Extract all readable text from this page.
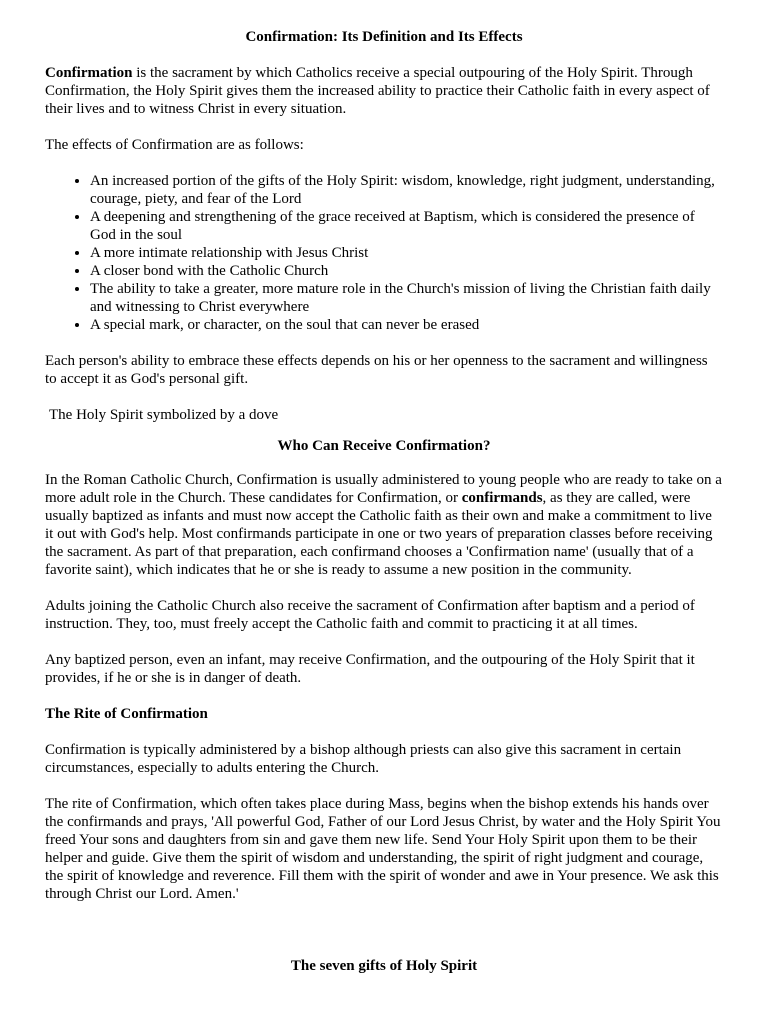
Confirmation: Its Definition and Its Effects

Confirmation is the sacrament by which Catholics receive a special outpouring of the Holy Spirit. Through Confirmation, the Holy Spirit gives them the increased ability to practice their Catholic faith in every aspect of their lives and to witness Christ in every situation.

The effects of Confirmation are as follows:

• An increased portion of the gifts of the Holy Spirit: wisdom, knowledge, right judgment, understanding, courage, piety, and fear of the Lord
• A deepening and strengthening of the grace received at Baptism, which is considered the presence of God in the soul
• A more intimate relationship with Jesus Christ
• A closer bond with the Catholic Church
• The ability to take a greater, more mature role in the Church's mission of living the Christian faith daily and witnessing to Christ everywhere
• A special mark, or character, on the soul that can never be erased

Each person's ability to embrace these effects depends on his or her openness to the sacrament and willingness to accept it as God's personal gift.

The Holy Spirit symbolized by a dove

Who Can Receive Confirmation?

In the Roman Catholic Church, Confirmation is usually administered to young people who are ready to take on a more adult role in the Church. These candidates for Confirmation, or confirmands, as they are called, were usually baptized as infants and must now accept the Catholic faith as their own and make a commitment to live it out with God's help. Most confirmands participate in one or two years of preparation classes before receiving the sacrament. As part of that preparation, each confirmand chooses a 'Confirmation name' (usually that of a favorite saint), which indicates that he or she is ready to assume a new position in the community.

Adults joining the Catholic Church also receive the sacrament of Confirmation after baptism and a period of instruction. They, too, must freely accept the Catholic faith and commit to practicing it at all times.

Any baptized person, even an infant, may receive Confirmation, and the outpouring of the Holy Spirit that it provides, if he or she is in danger of death.

The Rite of Confirmation

Confirmation is typically administered by a bishop although priests can also give this sacrament in certain circumstances, especially to adults entering the Church.

The rite of Confirmation, which often takes place during Mass, begins when the bishop extends his hands over the confirmands and prays, 'All powerful God, Father of our Lord Jesus Christ, by water and the Holy Spirit You freed Your sons and daughters from sin and gave them new life. Send Your Holy Spirit upon them to be their helper and guide. Give them the spirit of wisdom and understanding, the spirit of right judgment and courage, the spirit of knowledge and reverence. Fill them with the spirit of wonder and awe in Your presence. We ask this through Christ our Lord. Amen.'

The seven gifts of Holy Spirit
